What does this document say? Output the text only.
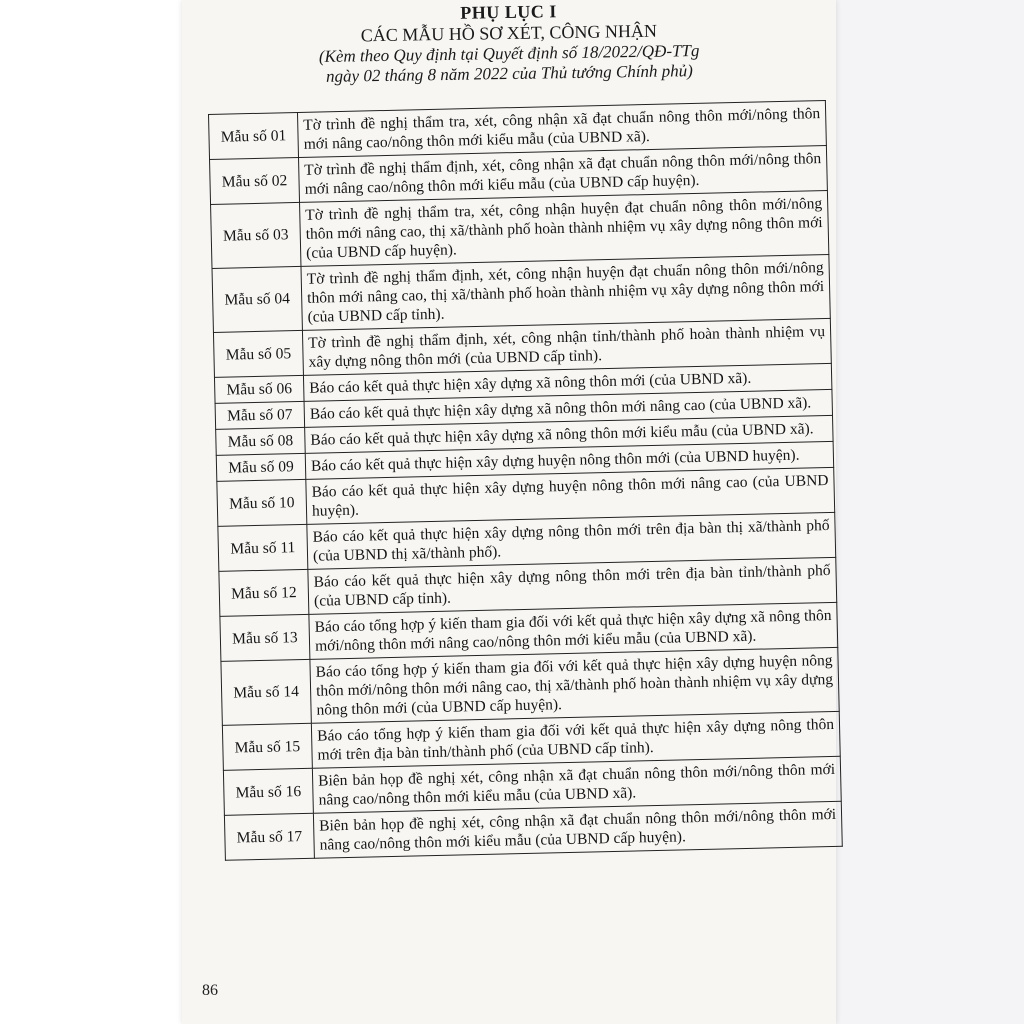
PHỤ LỤC I
CÁC MẪU HỒ SƠ XÉT, CÔNG NHẬN
(Kèm theo Quy định tại Quyết định số 18/2022/QĐ-TTg
ngày 02 tháng 8 năm 2022 của Thủ tướng Chính phủ)
Mẫu số 01	Tờ trình đề nghị thẩm tra, xét, công nhận xã đạt chuẩn nông thôn mới/nông thôn mới nâng cao/nông thôn mới kiểu mẫu (của UBND xã).
Mẫu số 02	Tờ trình đề nghị thẩm định, xét, công nhận xã đạt chuẩn nông thôn mới/nông thôn mới nâng cao/nông thôn mới kiểu mẫu (của UBND cấp huyện).
Mẫu số 03	Tờ trình đề nghị thẩm tra, xét, công nhận huyện đạt chuẩn nông thôn mới/nông thôn mới nâng cao, thị xã/thành phố hoàn thành nhiệm vụ xây dựng nông thôn mới (của UBND cấp huyện).
Mẫu số 04	Tờ trình đề nghị thẩm định, xét, công nhận huyện đạt chuẩn nông thôn mới/nông thôn mới nâng cao, thị xã/thành phố hoàn thành nhiệm vụ xây dựng nông thôn mới (của UBND cấp tỉnh).
Mẫu số 05	Tờ trình đề nghị thẩm định, xét, công nhận tỉnh/thành phố hoàn thành nhiệm vụ xây dựng nông thôn mới (của UBND cấp tỉnh).
Mẫu số 06	Báo cáo kết quả thực hiện xây dựng xã nông thôn mới (của UBND xã).
Mẫu số 07	Báo cáo kết quả thực hiện xây dựng xã nông thôn mới nâng cao (của UBND xã).
Mẫu số 08	Báo cáo kết quả thực hiện xây dựng xã nông thôn mới kiểu mẫu (của UBND xã).
Mẫu số 09	Báo cáo kết quả thực hiện xây dựng huyện nông thôn mới (của UBND huyện).
Mẫu số 10	Báo cáo kết quả thực hiện xây dựng huyện nông thôn mới nâng cao (của UBND huyện).
Mẫu số 11	Báo cáo kết quả thực hiện xây dựng nông thôn mới trên địa bàn thị xã/thành phố (của UBND thị xã/thành phố).
Mẫu số 12	Báo cáo kết quả thực hiện xây dựng nông thôn mới trên địa bàn tỉnh/thành phố (của UBND cấp tỉnh).
Mẫu số 13	Báo cáo tổng hợp ý kiến tham gia đối với kết quả thực hiện xây dựng xã nông thôn mới/nông thôn mới nâng cao/nông thôn mới kiểu mẫu (của UBND xã).
Mẫu số 14	Báo cáo tổng hợp ý kiến tham gia đối với kết quả thực hiện xây dựng huyện nông thôn mới/nông thôn mới nâng cao, thị xã/thành phố hoàn thành nhiệm vụ xây dựng nông thôn mới (của UBND cấp huyện).
Mẫu số 15	Báo cáo tổng hợp ý kiến tham gia đối với kết quả thực hiện xây dựng nông thôn mới trên địa bàn tỉnh/thành phố (của UBND cấp tỉnh).
Mẫu số 16	Biên bản họp đề nghị xét, công nhận xã đạt chuẩn nông thôn mới/nông thôn mới nâng cao/nông thôn mới kiểu mẫu (của UBND xã).
Mẫu số 17	Biên bản họp đề nghị xét, công nhận xã đạt chuẩn nông thôn mới/nông thôn mới nâng cao/nông thôn mới kiểu mẫu (của UBND cấp huyện).
86
